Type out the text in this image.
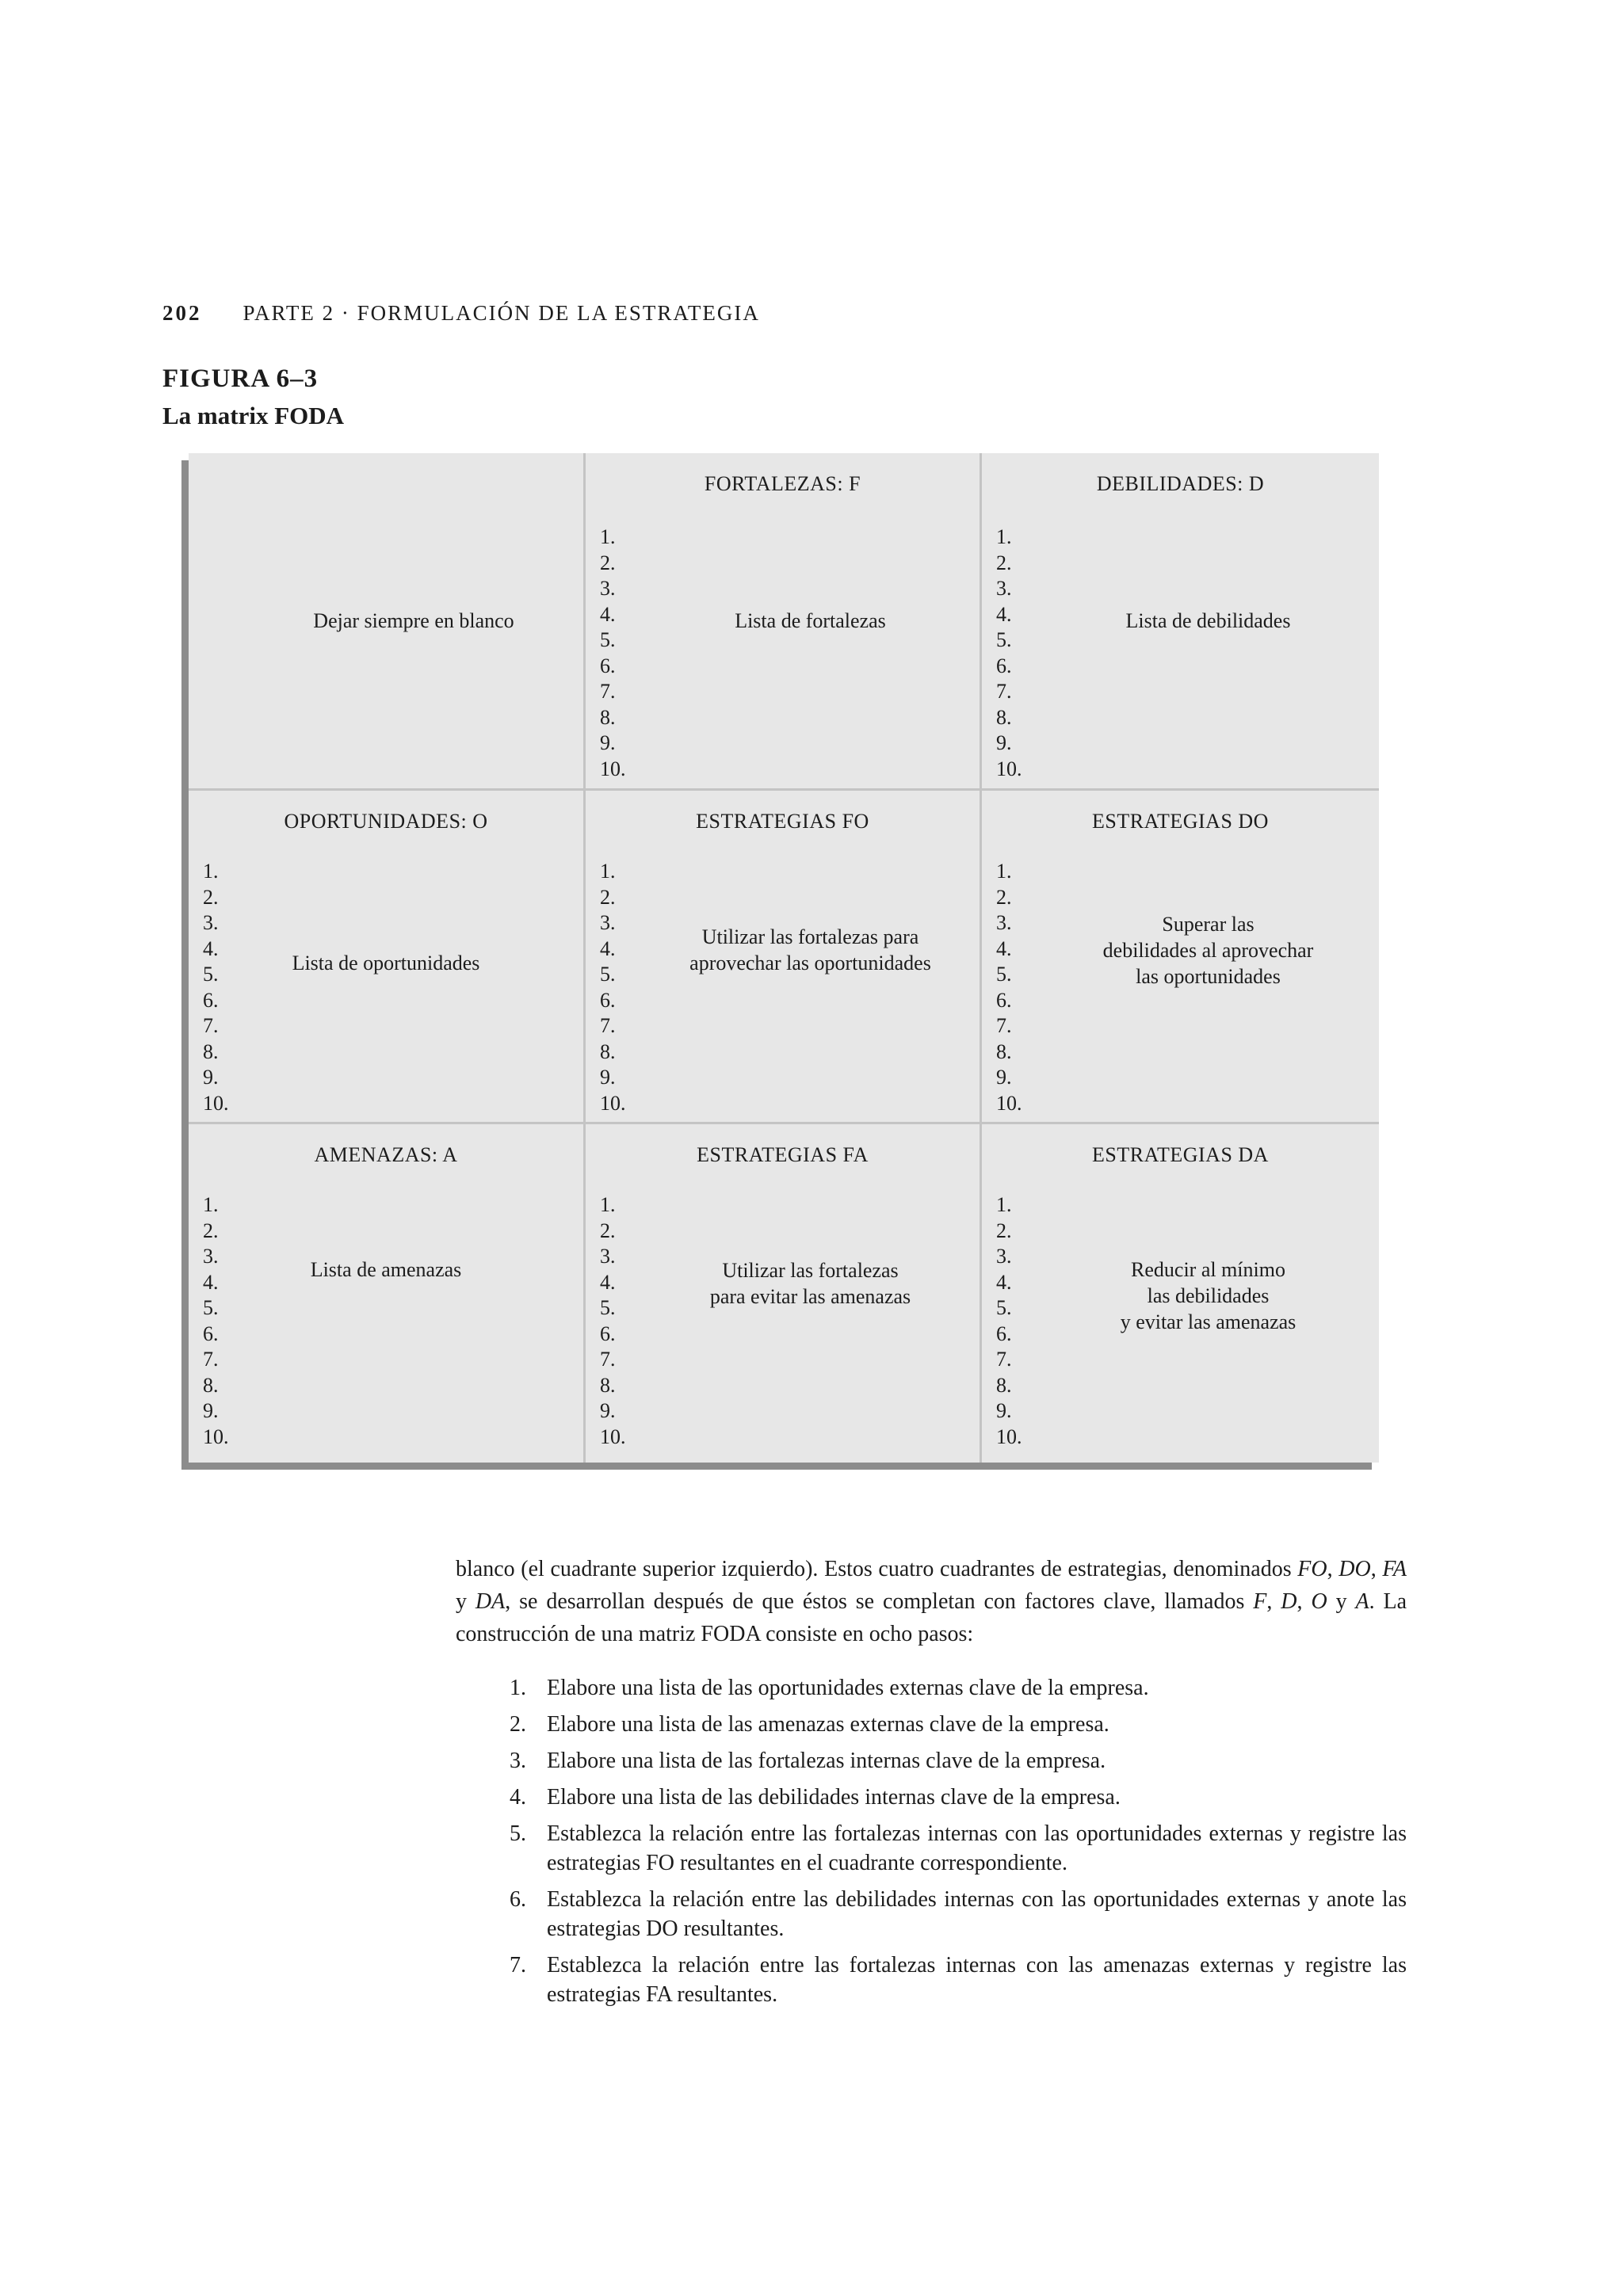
202 PARTE 2 · FORMULACIÓN DE LA ESTRATEGIA
FIGURA 6–3
La matrix FODA
Dejar siempre en blanco
FORTALEZAS: F
1.
2.
3.
4.
5.
6.
7.
8.
9.
10.
Lista de fortalezas
DEBILIDADES: D
1.
2.
3.
4.
5.
6.
7.
8.
9.
10.
Lista de debilidades
OPORTUNIDADES: O
1.
2.
3.
4.
5.
6.
7.
8.
9.
10.
Lista de oportunidades
ESTRATEGIAS FO
1.
2.
3.
4.
5.
6.
7.
8.
9.
10.
Utilizar las fortalezas para
aprovechar las oportunidades
ESTRATEGIAS DO
1.
2.
3.
4.
5.
6.
7.
8.
9.
10.
Superar las
debilidades al aprovechar
las oportunidades
AMENAZAS: A
1.
2.
3.
4.
5.
6.
7.
8.
9.
10.
Lista de amenazas
ESTRATEGIAS FA
1.
2.
3.
4.
5.
6.
7.
8.
9.
10.
Utilizar las fortalezas
para evitar las amenazas
ESTRATEGIAS DA
1.
2.
3.
4.
5.
6.
7.
8.
9.
10.
Reducir al mínimo
las debilidades
y evitar las amenazas

blanco (el cuadrante superior izquierdo). Estos cuatro cuadrantes de estrategias, denominados FO, DO, FA y DA, se desarrollan después de que éstos se completan con factores clave, llamados F, D, O y A. La construcción de una matriz FODA consiste en ocho pasos:

1. Elabore una lista de las oportunidades externas clave de la empresa.
2. Elabore una lista de las amenazas externas clave de la empresa.
3. Elabore una lista de las fortalezas internas clave de la empresa.
4. Elabore una lista de las debilidades internas clave de la empresa.
5. Establezca la relación entre las fortalezas internas con las oportunidades externas y registre las estrategias FO resultantes en el cuadrante correspondiente.
6. Establezca la relación entre las debilidades internas con las oportunidades externas y anote las estrategias DO resultantes.
7. Establezca la relación entre las fortalezas internas con las amenazas externas y registre las estrategias FA resultantes.
